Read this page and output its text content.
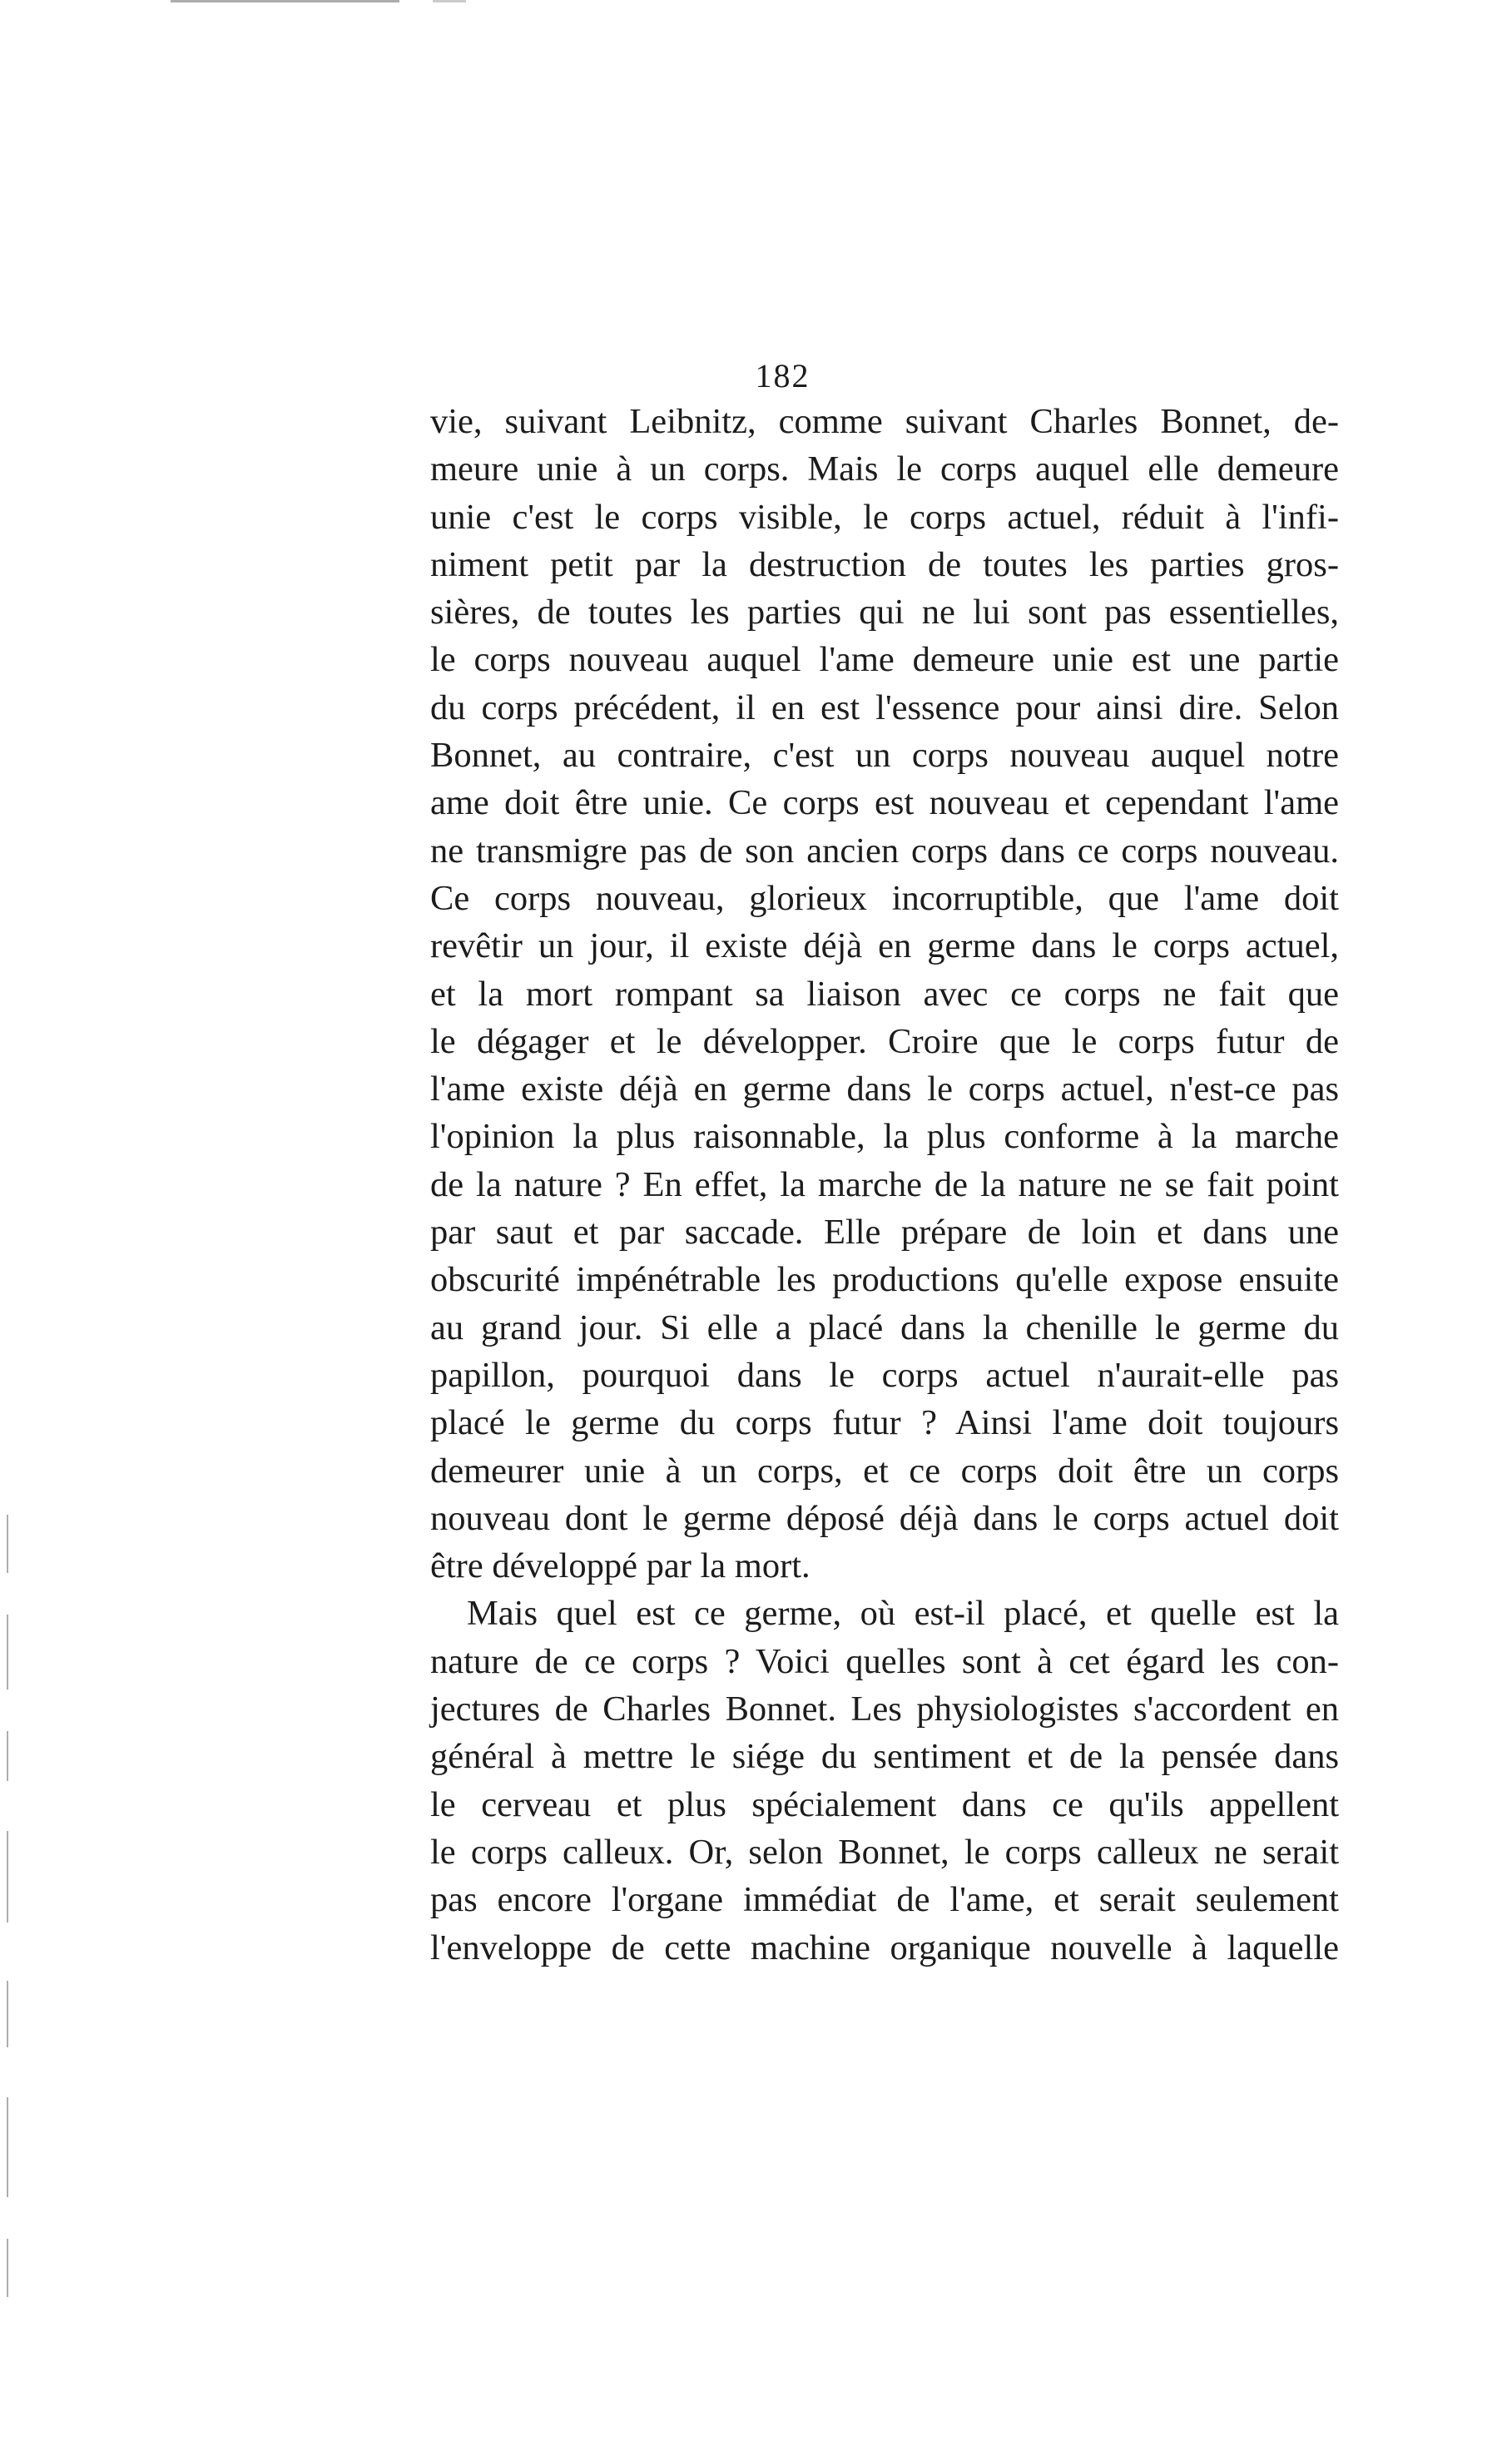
182
vie, suivant Leibnitz, comme suivant Charles Bonnet, de-
meure unie à un corps. Mais le corps auquel elle demeure
unie c'est le corps visible, le corps actuel, réduit à l'infi-
niment petit par la destruction de toutes les parties gros-
sières, de toutes les parties qui ne lui sont pas essentielles,
le corps nouveau auquel l'ame demeure unie est une partie
du corps précédent, il en est l'essence pour ainsi dire. Selon
Bonnet, au contraire, c'est un corps nouveau auquel notre
ame doit être unie. Ce corps est nouveau et cependant l'ame
ne transmigre pas de son ancien corps dans ce corps nouveau.
Ce corps nouveau, glorieux incorruptible, que l'ame doit
revêtir un jour, il existe déjà en germe dans le corps actuel,
et la mort rompant sa liaison avec ce corps ne fait que
le dégager et le développer. Croire que le corps futur de
l'ame existe déjà en germe dans le corps actuel, n'est-ce pas
l'opinion la plus raisonnable, la plus conforme à la marche
de la nature ? En effet, la marche de la nature ne se fait point
par saut et par saccade. Elle prépare de loin et dans une
obscurité impénétrable les productions qu'elle expose ensuite
au grand jour. Si elle a placé dans la chenille le germe du
papillon, pourquoi dans le corps actuel n'aurait-elle pas
placé le germe du corps futur ? Ainsi l'ame doit toujours
demeurer unie à un corps, et ce corps doit être un corps
nouveau dont le germe déposé déjà dans le corps actuel doit
être développé par la mort.
Mais quel est ce germe, où est-il placé, et quelle est la
nature de ce corps ? Voici quelles sont à cet égard les con-
jectures de Charles Bonnet. Les physiologistes s'accordent en
général à mettre le siége du sentiment et de la pensée dans
le cerveau et plus spécialement dans ce qu'ils appellent
le corps calleux. Or, selon Bonnet, le corps calleux ne serait
pas encore l'organe immédiat de l'ame, et serait seulement
l'enveloppe de cette machine organique nouvelle à laquelle
